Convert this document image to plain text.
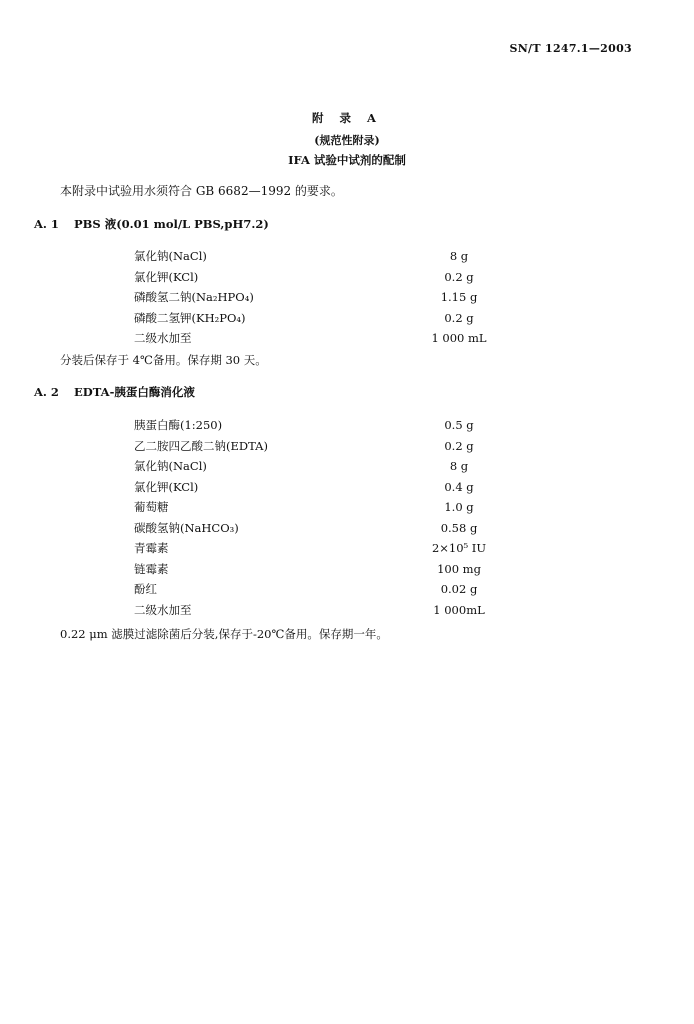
SN/T 1247.1—2003
附 录 A
(规范性附录)
IFA 试验中试剂的配制
本附录中试验用水须符合 GB 6682—1992 的要求。
A. 1 PBS 液(0.01 mol/L PBS,pH7.2)
氯化钠(NaCl)	8 g
氯化钾(KCl)	0.2 g
磷酸氢二钠(Na₂HPO₄)	1.15 g
磷酸二氢钾(KH₂PO₄)	0.2 g
二级水加至	1 000 mL
分装后保存于 4℃备用。保存期 30 天。
A. 2 EDTA-胰蛋白酶消化液
胰蛋白酶(1:250)	0.5 g
乙二胺四乙酸二钠(EDTA)	0.2 g
氯化钠(NaCl)	8 g
氯化钾(KCl)	0.4 g
葡萄糖	1.0 g
碳酸氢钠(NaHCO₃)	0.58 g
青霉素	2×10⁵ IU
链霉素	100 mg
酚红	0.02 g
二级水加至	1 000mL
0.22 μm 滤膜过滤除菌后分装,保存于-20℃备用。保存期一年。
